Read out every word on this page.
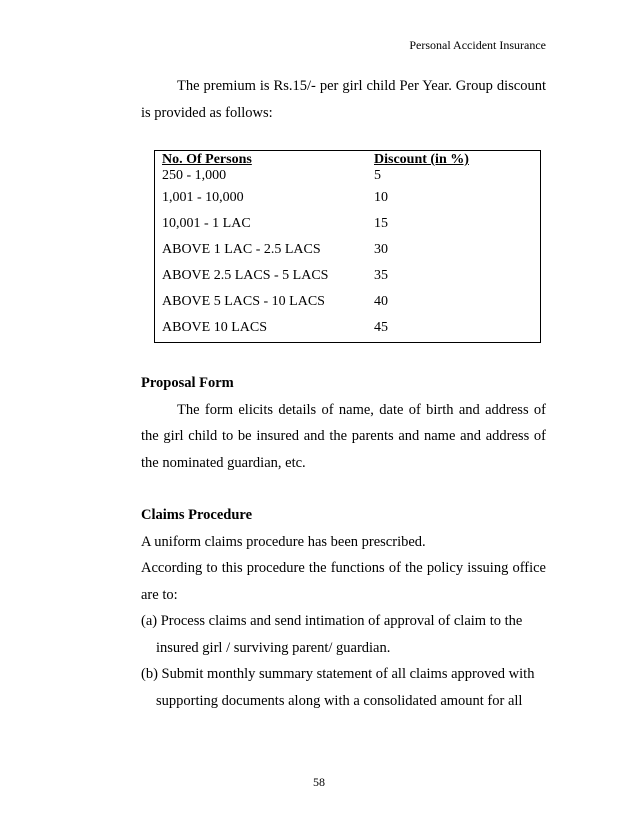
Personal Accident Insurance

The premium is Rs.15/- per girl child Per Year. Group discount is provided as follows:

No. Of Persons	Discount (in %)
250 - 1,000	5
1,001 - 10,000	10
10,001 - 1 LAC	15
ABOVE 1 LAC - 2.5 LACS	30
ABOVE 2.5 LACS - 5 LACS	35
ABOVE 5 LACS - 10 LACS	40
ABOVE 10 LACS	45

Proposal Form

The form elicits details of name, date of birth and address of the girl child to be insured and the parents and name and address of the nominated guardian, etc.

Claims Procedure

A uniform claims procedure has been prescribed.

According to this procedure the functions of the policy issuing office are to:

(a) Process claims and send intimation of approval of claim to the
insured girl / surviving parent/ guardian.

(b) Submit monthly summary statement of all claims approved with
supporting documents along with a consolidated amount for all

58
